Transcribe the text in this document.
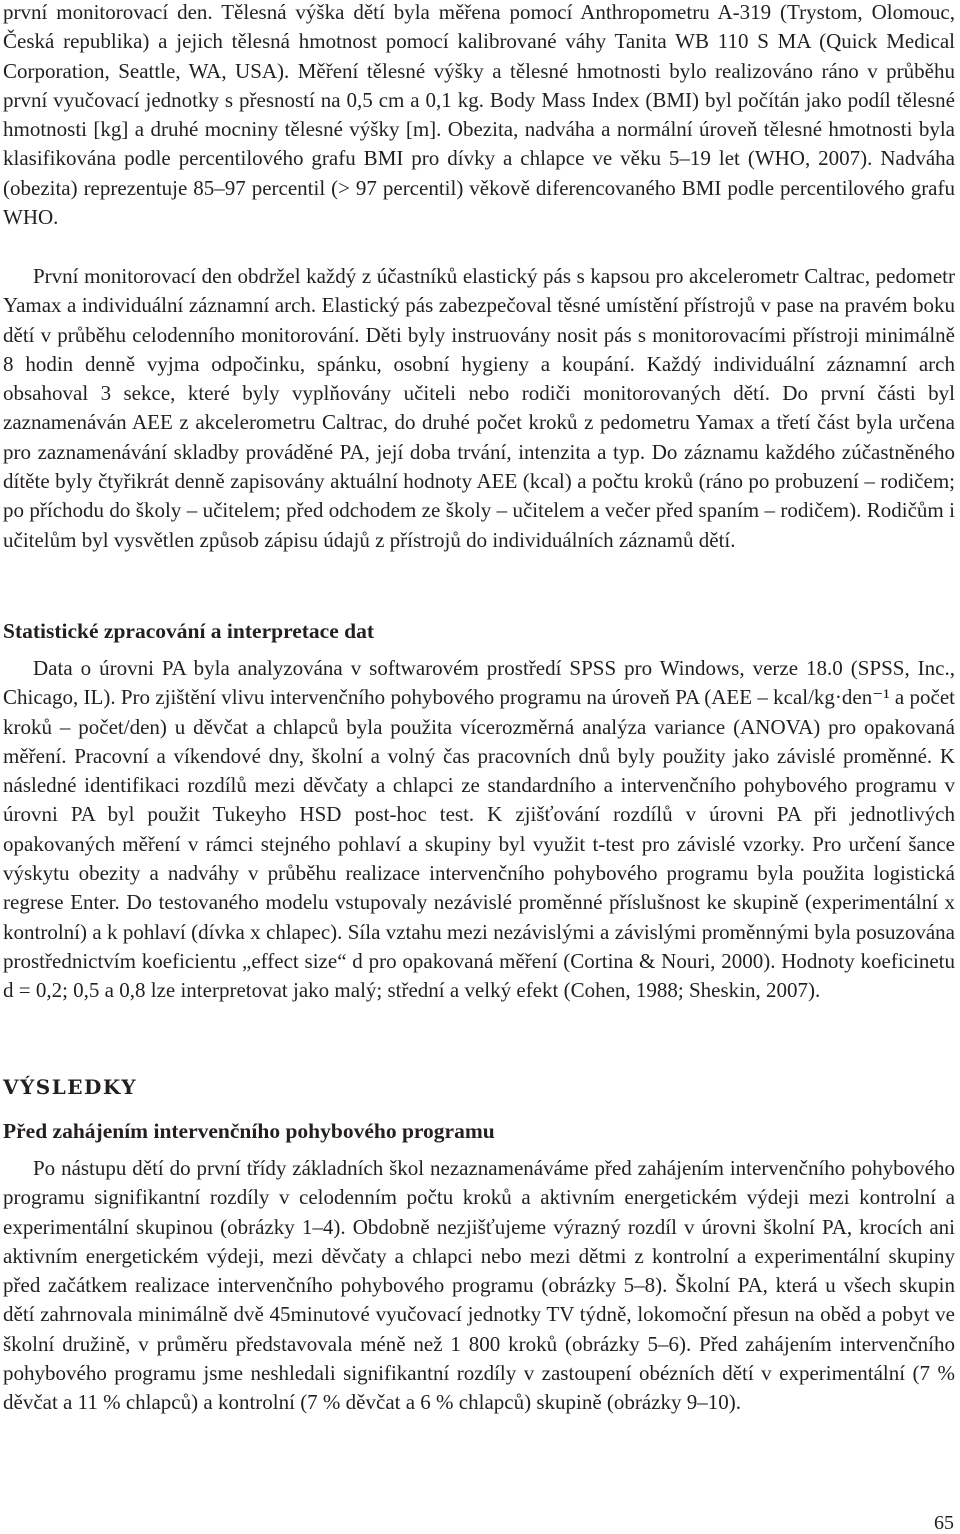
první monitorovací den. Tělesná výška dětí byla měřena pomocí Anthropometru A-319 (Trystom, Olomouc, Česká republika) a jejich tělesná hmotnost pomocí kalibrované váhy Tanita WB 110 S MA (Quick Medical Corporation, Seattle, WA, USA). Měření tělesné výšky a tělesné hmotnosti bylo realizováno ráno v průběhu první vyučovací jednotky s přesností na 0,5 cm a 0,1 kg. Body Mass Index (BMI) byl počítán jako podíl tělesné hmotnosti [kg] a druhé mocniny tělesné výšky [m]. Obezita, nadváha a normální úroveň tělesné hmotnosti byla klasifikována podle percentilového grafu BMI pro dívky a chlapce ve věku 5–19 let (WHO, 2007). Nadváha (obezita) reprezentuje 85–97 percentil (> 97 percentil) věkově diferencovaného BMI podle percentilového grafu WHO.

První monitorovací den obdržel každý z účastníků elastický pás s kapsou pro akcelerometr Caltrac, pedometr Yamax a individuální záznamní arch. Elastický pás zabezpečoval těsné umístění přístrojů v pase na pravém boku dětí v průběhu celodenního monitorování. Děti byly instruovány nosit pás s monitorovacími přístroji minimálně 8 hodin denně vyjma odpočinku, spánku, osobní hygieny a koupání. Každý individuální záznamní arch obsahoval 3 sekce, které byly vyplňovány učiteli nebo rodiči monitorovaných dětí. Do první části byl zaznamenáván AEE z akcelerometru Caltrac, do druhé počet kroků z pedometru Yamax a třetí část byla určena pro zaznamenávání skladby prováděné PA, její doba trvání, intenzita a typ. Do záznamu každého zúčastněného dítěte byly čtyřikrát denně zapisovány aktuální hodnoty AEE (kcal) a počtu kroků (ráno po probuzení – rodičem; po příchodu do školy – učitelem; před odchodem ze školy – učitelem a večer před spaním – rodičem). Rodičům i učitelům byl vysvětlen způsob zápisu údajů z přístrojů do individuálních záznamů dětí.

Statistické zpracování a interpretace dat

Data o úrovni PA byla analyzována v softwarovém prostředí SPSS pro Windows, verze 18.0 (SPSS, Inc., Chicago, IL). Pro zjištění vlivu intervenčního pohybového programu na úroveň PA (AEE – kcal/kg·den⁻¹ a počet kroků – počet/den) u děvčat a chlapců byla použita vícerozměrná analýza variance (ANOVA) pro opakovaná měření. Pracovní a víkendové dny, školní a volný čas pracovních dnů byly použity jako závislé proměnné. K následné identifikaci rozdílů mezi děvčaty a chlapci ze standardního a intervenčního pohybového programu v úrovni PA byl použit Tukeyho HSD post-hoc test. K zjišťování rozdílů v úrovni PA při jednotlivých opakovaných měření v rámci stejného pohlaví a skupiny byl využit t-test pro závislé vzorky. Pro určení šance výskytu obezity a nadváhy v průběhu realizace intervenčního pohybového programu byla použita logistická regrese Enter. Do testovaného modelu vstupovaly nezávislé proměnné příslušnost ke skupině (experimentální x kontrolní) a k pohlaví (dívka x chlapec). Síla vztahu mezi nezávislými a závislými proměnnými byla posuzována prostřednictvím koeficientu „effect size“ d pro opakovaná měření (Cortina & Nouri, 2000). Hodnoty koeficinetu d = 0,2; 0,5 a 0,8 lze interpretovat jako malý; střední a velký efekt (Cohen, 1988; Sheskin, 2007).

VÝSLEDKY
Před zahájením intervenčního pohybového programu

Po nástupu dětí do první třídy základních škol nezaznamenáváme před zahájením intervenčního pohybového programu signifikantní rozdíly v celodenním počtu kroků a aktivním energetickém výdeji mezi kontrolní a experimentální skupinou (obrázky 1–4). Obdobně nezjišťujeme výrazný rozdíl v úrovni školní PA, krocích ani aktivním energetickém výdeji, mezi děvčaty a chlapci nebo mezi dětmi z kontrolní a experimentální skupiny před začátkem realizace intervenčního pohybového programu (obrázky 5–8). Školní PA, která u všech skupin dětí zahrnovala minimálně dvě 45minutové vyučovací jednotky TV týdně, lokomoční přesun na oběd a pobyt ve školní družině, v průměru představovala méně než 1 800 kroků (obrázky 5–6). Před zahájením intervenčního pohybového programu jsme neshledali signifikantní rozdíly v zastoupení obézních dětí v experimentální (7 % děvčat a 11 % chlapců) a kontrolní (7 % děvčat a 6 % chlapců) skupině (obrázky 9–10).

65
